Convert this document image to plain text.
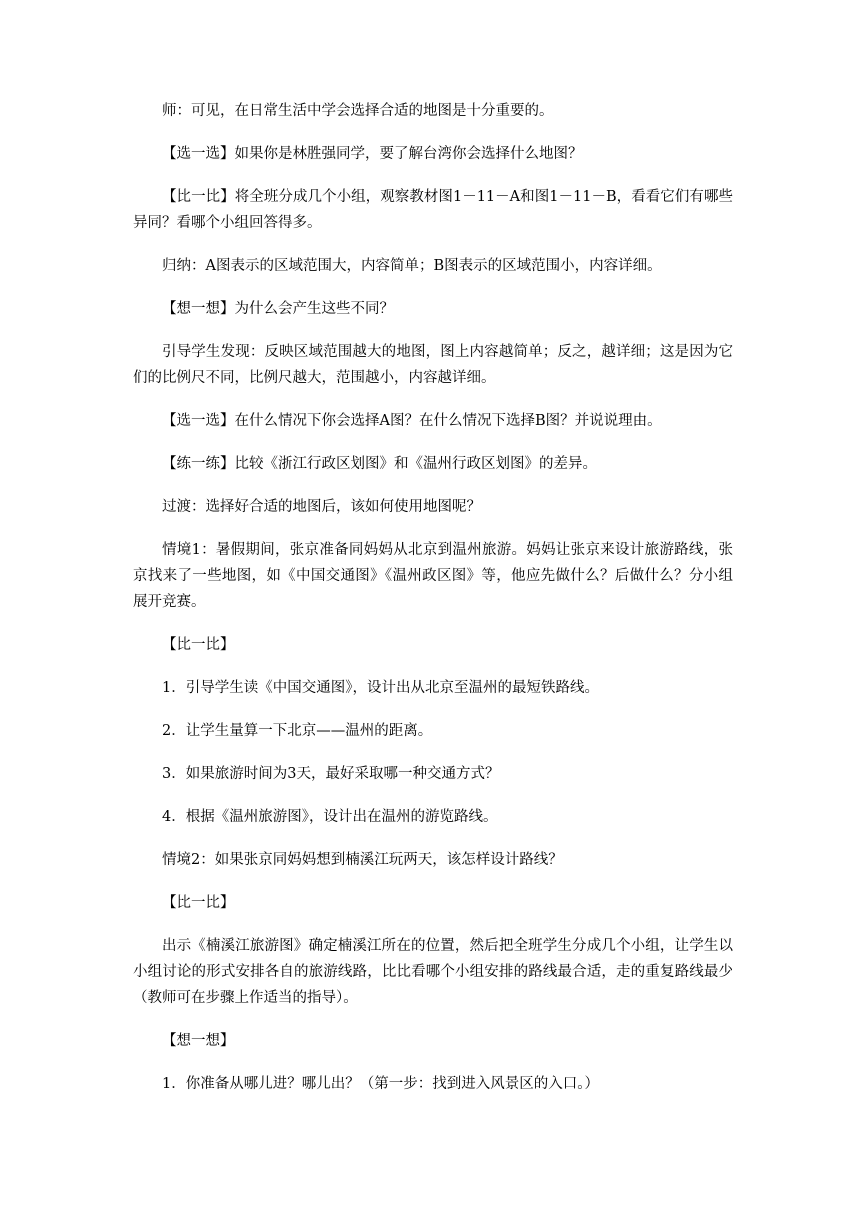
师：可见，在日常生活中学会选择合适的地图是十分重要的。

【选一选】如果你是林胜强同学，要了解台湾你会选择什么地图？

【比一比】将全班分成几个小组，观察教材图1－11－A和图1－11－B，看看它们有哪些异同？看哪个小组回答得多。

归纳：A图表示的区域范围大，内容简单；B图表示的区域范围小，内容详细。

【想一想】为什么会产生这些不同？

引导学生发现：反映区域范围越大的地图，图上内容越简单；反之，越详细；这是因为它们的比例尺不同，比例尺越大，范围越小，内容越详细。

【选一选】在什么情况下你会选择A图？在什么情况下选择B图？并说说理由。

【练一练】比较《浙江行政区划图》和《温州行政区划图》的差异。

过渡：选择好合适的地图后，该如何使用地图呢？

情境1：暑假期间，张京准备同妈妈从北京到温州旅游。妈妈让张京来设计旅游路线，张京找来了一些地图，如《中国交通图》《温州政区图》等，他应先做什么？后做什么？分小组展开竞赛。

【比一比】

1．引导学生读《中国交通图》，设计出从北京至温州的最短铁路线。

2．让学生量算一下北京——温州的距离。

3．如果旅游时间为3天，最好采取哪一种交通方式？

4．根据《温州旅游图》，设计出在温州的游览路线。

情境2：如果张京同妈妈想到楠溪江玩两天，该怎样设计路线？

【比一比】

出示《楠溪江旅游图》确定楠溪江所在的位置，然后把全班学生分成几个小组，让学生以小组讨论的形式安排各自的旅游线路，比比看哪个小组安排的路线最合适，走的重复路线最少（教师可在步骤上作适当的指导）。

【想一想】

1．你准备从哪儿进？哪儿出？（第一步：找到进入风景区的入口。）
